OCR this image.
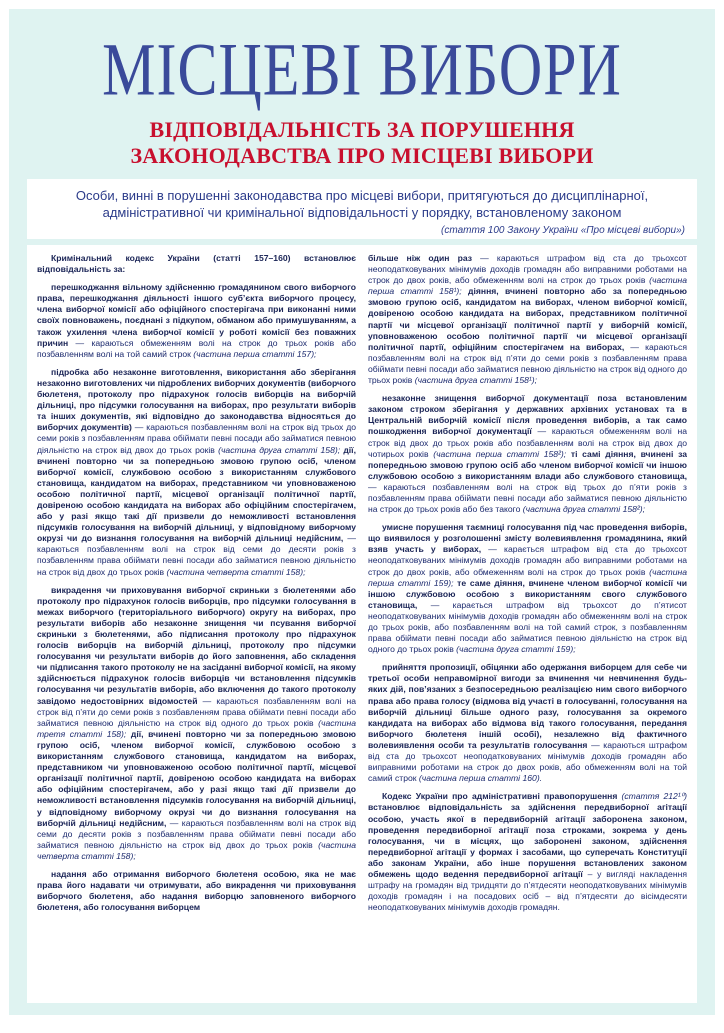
МІСЦЕВІ ВИБОРИ
ВІДПОВІДАЛЬНІСТЬ ЗА ПОРУШЕННЯ
ЗАКОНОДАВСТВА ПРО МІСЦЕВІ ВИБОРИ
Особи, винні в порушенні законодавства про місцеві вибори, притягуються до дисциплінарної, адміністративної чи кримінальної відповідальності у порядку, встановленому законом
(стаття 100 Закону України «Про місцеві вибори»)

Кримінальний кодекс України (статті 157–160) встановлює відповідальність за:

перешкоджання вільному здійсненню громадянином свого виборчого права, перешкоджання діяльності іншого суб’єкта виборчого процесу, члена виборчої комісії або офіційного спостерігача при виконанні ними своїх повноважень, поєднані з підкупом, обманом або примушуванням, а також ухилення члена виборчої комісії у роботі комісії без поважних причин — караються обмеженням волі на строк до трьох років або позбавленням волі на той самий строк (частина перша статті 157);

підробка або незаконне виготовлення, використання або зберігання незаконно виготовлених чи підроблених виборчих документів (виборчого бюлетеня, протоколу про підрахунок голосів виборців на виборчій дільниці, про підсумки голосування на виборах, про результати виборів та інших документів, які відповідно до законодавства відносяться до виборчих документів) — караються позбавленням волі на строк від трьох до семи років з позбавленням права обіймати певні посади або займатися певною діяльністю на строк від двох до трьох років (частина друга статті 158); дії, вчинені повторно чи за попередньою змовою групою осіб, членом виборчої комісії, службовою особою з використанням службового становища, кандидатом на виборах, представником чи уповноваженою особою політичної партії, місцевої організації політичної партії, довіреною особою кандидата на виборах або офіційним спостерігачем, або у разі якщо такі дії призвели до неможливості встановлення підсумків голосування на виборчій дільниці, у відповідному виборчому окрузі чи до визнання голосування на виборчій дільниці недійсним, — караються позбавленням волі на строк від семи до десяти років з позбавленням права обіймати певні посади або займатися певною діяльністю на строк від двох до трьох років (частина четверта статті 158);

викрадення чи приховування виборчої скриньки з бюлетенями або протоколу про підрахунок голосів виборців, про підсумки голосування в межах виборчого (територіального виборчого) округу на виборах, про результати виборів або незаконне знищення чи псування виборчої скриньки з бюлетенями, або підписання протоколу про підрахунок голосів виборців на виборчій дільниці, протоколу про підсумки голосування чи результати виборів до його заповнення, або складення чи підписання такого протоколу не на засіданні виборчої комісії, на якому здійснюється підрахунок голосів виборців чи встановлення підсумків голосування чи результатів виборів, або включення до такого протоколу завідомо недостовірних відомостей — караються позбавленням волі на строк від п’яти до семи років з позбавленням права обіймати певні посади або займатися певною діяльністю на строк від одного до трьох років (частина третя статті 158); дії, вчинені повторно чи за попередньою змовою групою осіб, членом виборчої комісії, службовою особою з використанням службового становища, кандидатом на виборах, представником чи уповноваженою особою політичної партії, місцевої організації політичної партії, довіреною особою кандидата на виборах або офіційним спостерігачем, або у разі якщо такі дії призвели до неможливості встановлення підсумків голосування на виборчій дільниці, у відповідному виборчому окрузі чи до визнання голосування на виборчій дільниці недійсним, — караються позбавленням волі на строк від семи до десяти років з позбавленням права обіймати певні посади або займатися певною діяльністю на строк від двох до трьох років (частина четверта статті 158);

надання або отримання виборчого бюлетеня особою, яка не має права його надавати чи отримувати, або викрадення чи приховування виборчого бюлетеня, або надання виборцю заповненого виборчого бюлетеня, або голосування виборцем

більше ніж один раз — караються штрафом від ста до трьохсот неоподатковуваних мінімумів доходів громадян або виправними роботами на строк до двох років, або обмеженням волі на строк до трьох років (частина перша статті 158¹); діяння, вчинені повторно або за попередньою змовою групою осіб, кандидатом на виборах, членом виборчої комісії, довіреною особою кандидата на виборах, представником політичної партії чи місцевої організації політичної партії у виборчій комісії, уповноваженою особою політичної партії чи місцевої організації політичної партії, офіційним спостерігачем на виборах, — караються позбавленням волі на строк від п’яти до семи років з позбавленням права обіймати певні посади або займатися певною діяльністю на строк від одного до трьох років (частина друга статті 158¹);

незаконне знищення виборчої документації поза встановленим законом строком зберігання у державних архівних установах та в Центральній виборчій комісії після проведення виборів, а так само пошкодження виборчої документації — караються обмеженням волі на строк від двох до трьох років або позбавленням волі на строк від двох до чотирьох років (частина перша статті 158²); ті самі діяння, вчинені за попередньою змовою групою осіб або членом виборчої комісії чи іншою службовою особою з використанням влади або службового становища, — караються позбавленням волі на строк від трьох до п’яти років з позбавленням права обіймати певні посади або займатися певною діяльністю на строк до трьох років або без такого (частина друга статті 158²);

умисне порушення таємниці голосування під час проведення виборів, що виявилося у розголошенні змісту волевиявлення громадянина, який взяв участь у виборах, — карається штрафом від ста до трьохсот неоподатковуваних мінімумів доходів громадян або виправними роботами на строк до двох років, або обмеженням волі на строк до трьох років (частина перша статті 159); те саме діяння, вчинене членом виборчої комісії чи іншою службовою особою з використанням свого службового становища, — карається штрафом від трьохсот до п’ятисот неоподатковуваних мінімумів доходів громадян або обмеженням волі на строк до трьох років, або позбавленням волі на той самий строк, з позбавленням права обіймати певні посади або займатися певною діяльністю на строк від одного до трьох років (частина друга статті 159);

прийняття пропозиції, обіцянки або одержання виборцем для себе чи третьої особи неправомірної вигоди за вчинення чи невчинення будь-яких дій, пов’язаних з безпосередньою реалізацією ним свого виборчого права або права голосу (відмова від участі в голосуванні, голосування на виборчій дільниці більше одного разу, голосування за окремого кандидата на виборах або відмова від такого голосування, передання виборчого бюлетеня іншій особі), незалежно від фактичного волевиявлення особи та результатів голосування — караються штрафом від ста до трьохсот неоподатковуваних мінімумів доходів громадян або виправними роботами на строк до двох років, або обмеженням волі на той самий строк (частина перша статті 160).

Кодекс України про адміністративні правопорушення (стаття 212¹⁰) встановлює відповідальність за здійснення передвиборної агітації особою, участь якої в передвиборній агітації заборонена законом, проведення передвиборної агітації поза строками, зокрема у день голосування, чи в місцях, що заборонені законом, здійснення передвиборної агітації у формах і засобами, що суперечать Конституції або законам України, або інше порушення встановлених законом обмежень щодо ведення передвиборної агітації – у вигляді накладення штрафу на громадян від тридцяти до п’ятдесяти неоподатковуваних мінімумів доходів громадян і на посадових осіб – від п’ятдесяти до вісімдесяти неоподатковуваних мінімумів доходів громадян.
